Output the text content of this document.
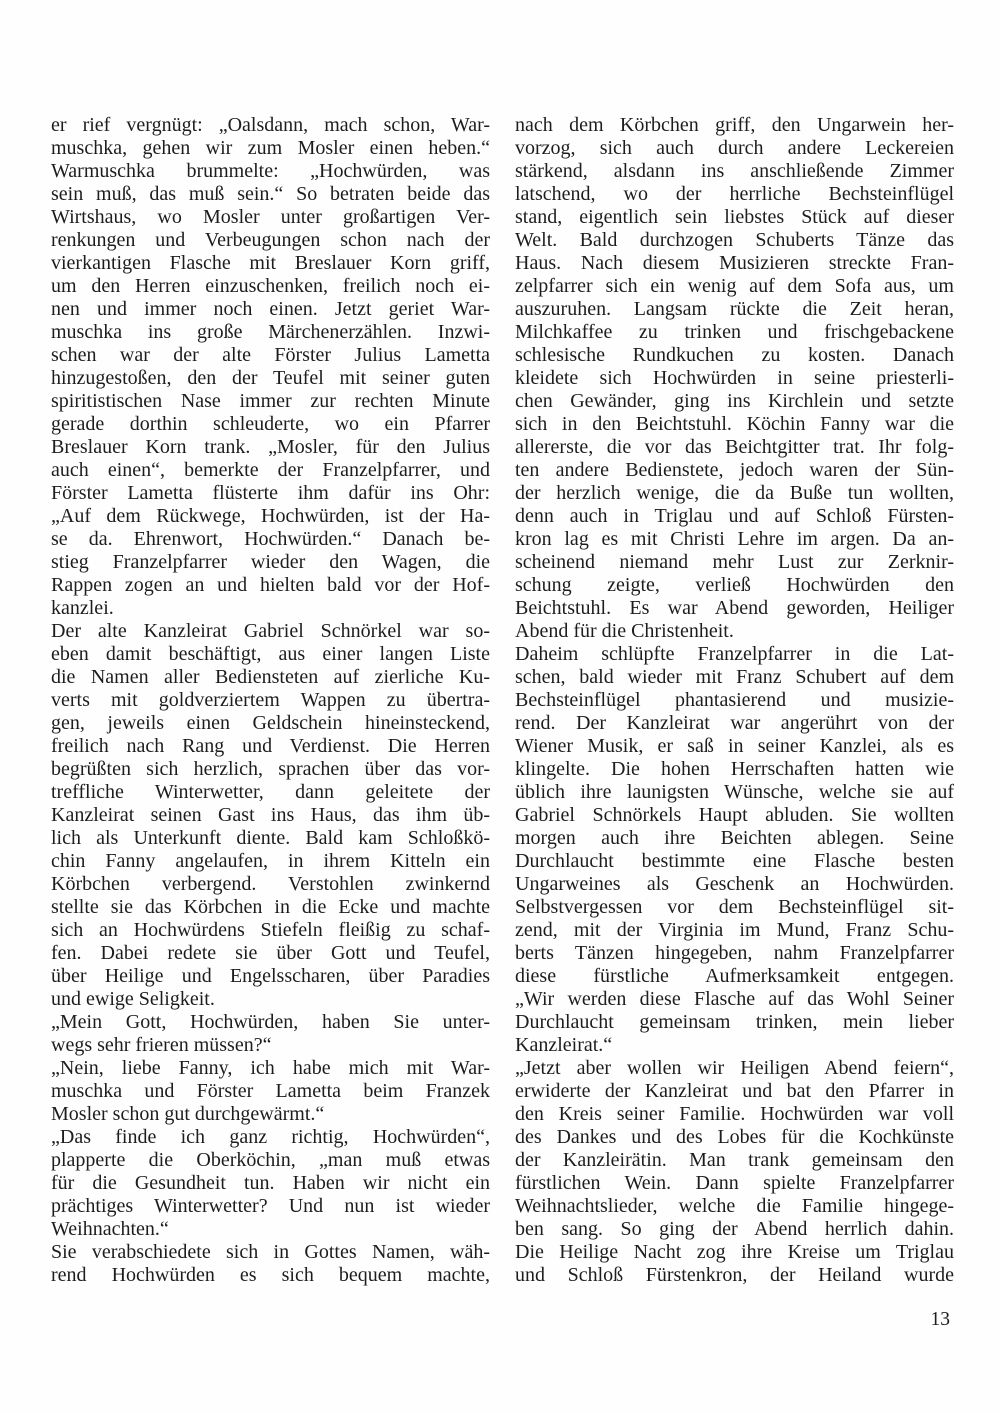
er rief vergnügt: „Oalsdann, mach schon, War-
muschka, gehen wir zum Mosler einen heben.“
Warmuschka brummelte: „Hochwürden, was
sein muß, das muß sein.“ So betraten beide das
Wirtshaus, wo Mosler unter großartigen Ver-
renkungen und Verbeugungen schon nach der
vierkantigen Flasche mit Breslauer Korn griff,
um den Herren einzuschenken, freilich noch ei-
nen und immer noch einen. Jetzt geriet War-
muschka ins große Märchenerzählen. Inzwi-
schen war der alte Förster Julius Lametta
hinzugestoßen, den der Teufel mit seiner guten
spiritistischen Nase immer zur rechten Minute
gerade dorthin schleuderte, wo ein Pfarrer
Breslauer Korn trank. „Mosler, für den Julius
auch einen“, bemerkte der Franzelpfarrer, und
Förster Lametta flüsterte ihm dafür ins Ohr:
„Auf dem Rückwege, Hochwürden, ist der Ha-
se da. Ehrenwort, Hochwürden.“ Danach be-
stieg Franzelpfarrer wieder den Wagen, die
Rappen zogen an und hielten bald vor der Hof-
kanzlei.
Der alte Kanzleirat Gabriel Schnörkel war so-
eben damit beschäftigt, aus einer langen Liste
die Namen aller Bediensteten auf zierliche Ku-
verts mit goldverziertem Wappen zu übertra-
gen, jeweils einen Geldschein hineinsteckend,
freilich nach Rang und Verdienst. Die Herren
begrüßten sich herzlich, sprachen über das vor-
treffliche Winterwetter, dann geleitete der
Kanzleirat seinen Gast ins Haus, das ihm üb-
lich als Unterkunft diente. Bald kam Schloßkö-
chin Fanny angelaufen, in ihrem Kitteln ein
Körbchen verbergend. Verstohlen zwinkernd
stellte sie das Körbchen in die Ecke und machte
sich an Hochwürdens Stiefeln fleißig zu schaf-
fen. Dabei redete sie über Gott und Teufel,
über Heilige und Engelsscharen, über Paradies
und ewige Seligkeit.
„Mein Gott, Hochwürden, haben Sie unter-
wegs sehr frieren müssen?“
„Nein, liebe Fanny, ich habe mich mit War-
muschka und Förster Lametta beim Franzek
Mosler schon gut durchgewärmt.“
„Das finde ich ganz richtig, Hochwürden“,
plapperte die Oberköchin, „man muß etwas
für die Gesundheit tun. Haben wir nicht ein
prächtiges Winterwetter? Und nun ist wieder
Weihnachten.“
Sie verabschiedete sich in Gottes Namen, wäh-
rend Hochwürden es sich bequem machte,
nach dem Körbchen griff, den Ungarwein her-
vorzog, sich auch durch andere Leckereien
stärkend, alsdann ins anschließende Zimmer
latschend, wo der herrliche Bechsteinflügel
stand, eigentlich sein liebstes Stück auf dieser
Welt. Bald durchzogen Schuberts Tänze das
Haus. Nach diesem Musizieren streckte Fran-
zelpfarrer sich ein wenig auf dem Sofa aus, um
auszuruhen. Langsam rückte die Zeit heran,
Milchkaffee zu trinken und frischgebackene
schlesische Rundkuchen zu kosten. Danach
kleidete sich Hochwürden in seine priesterli-
chen Gewänder, ging ins Kirchlein und setzte
sich in den Beichtstuhl. Köchin Fanny war die
allererste, die vor das Beichtgitter trat. Ihr folg-
ten andere Bedienstete, jedoch waren der Sün-
der herzlich wenige, die da Buße tun wollten,
denn auch in Triglau und auf Schloß Fürsten-
kron lag es mit Christi Lehre im argen. Da an-
scheinend niemand mehr Lust zur Zerknir-
schung zeigte, verließ Hochwürden den
Beichtstuhl. Es war Abend geworden, Heiliger
Abend für die Christenheit.
Daheim schlüpfte Franzelpfarrer in die Lat-
schen, bald wieder mit Franz Schubert auf dem
Bechsteinflügel phantasierend und musizie-
rend. Der Kanzleirat war angerührt von der
Wiener Musik, er saß in seiner Kanzlei, als es
klingelte. Die hohen Herrschaften hatten wie
üblich ihre launigsten Wünsche, welche sie auf
Gabriel Schnörkels Haupt abluden. Sie wollten
morgen auch ihre Beichten ablegen. Seine
Durchlaucht bestimmte eine Flasche besten
Ungarweines als Geschenk an Hochwürden.
Selbstvergessen vor dem Bechsteinflügel sit-
zend, mit der Virginia im Mund, Franz Schu-
berts Tänzen hingegeben, nahm Franzelpfarrer
diese fürstliche Aufmerksamkeit entgegen.
„Wir werden diese Flasche auf das Wohl Seiner
Durchlaucht gemeinsam trinken, mein lieber
Kanzleirat.“
„Jetzt aber wollen wir Heiligen Abend feiern“,
erwiderte der Kanzleirat und bat den Pfarrer in
den Kreis seiner Familie. Hochwürden war voll
des Dankes und des Lobes für die Kochkünste
der Kanzleirätin. Man trank gemeinsam den
fürstlichen Wein. Dann spielte Franzelpfarrer
Weihnachtslieder, welche die Familie hingege-
ben sang. So ging der Abend herrlich dahin.
Die Heilige Nacht zog ihre Kreise um Triglau
und Schloß Fürstenkron, der Heiland wurde
13
